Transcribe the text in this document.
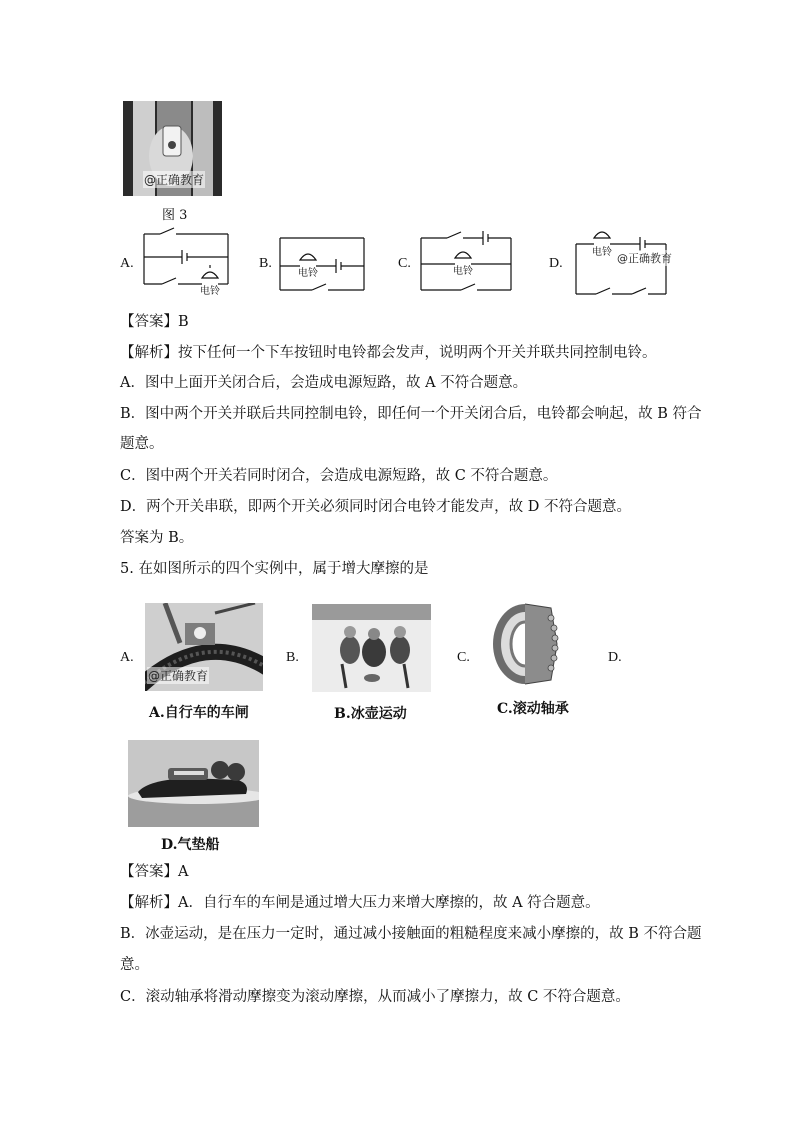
@正确教育
图 3
A.
电铃
B.
电铃
C.
电铃
D.
电铃 @正确教育
【答案】B
【解析】按下任何一个下车按钮时电铃都会发声，说明两个开关并联共同控制电铃。
A．图中上面开关闭合后，会造成电源短路，故 A 不符合题意。
B．图中两个开关并联后共同控制电铃，即任何一个开关闭合后，电铃都会响起，故 B 符合
题意。
C．图中两个开关若同时闭合，会造成电源短路，故 C 不符合题意。
D．两个开关串联，即两个开关必须同时闭合电铃才能发声，故 D 不符合题意。
答案为 B。
5. 在如图所示的四个实例中，属于增大摩擦的是
A.
@正确教育
A.自行车的车闸
B.
B.冰壶运动
C.
C.滚动轴承
D.
D.气垫船
【答案】A
【解析】A．自行车的车闸是通过增大压力来增大摩擦的，故 A 符合题意。
B．冰壶运动，是在压力一定时，通过减小接触面的粗糙程度来减小摩擦的，故 B 不符合题
意。
C．滚动轴承将滑动摩擦变为滚动摩擦，从而减小了摩擦力，故 C 不符合题意。
